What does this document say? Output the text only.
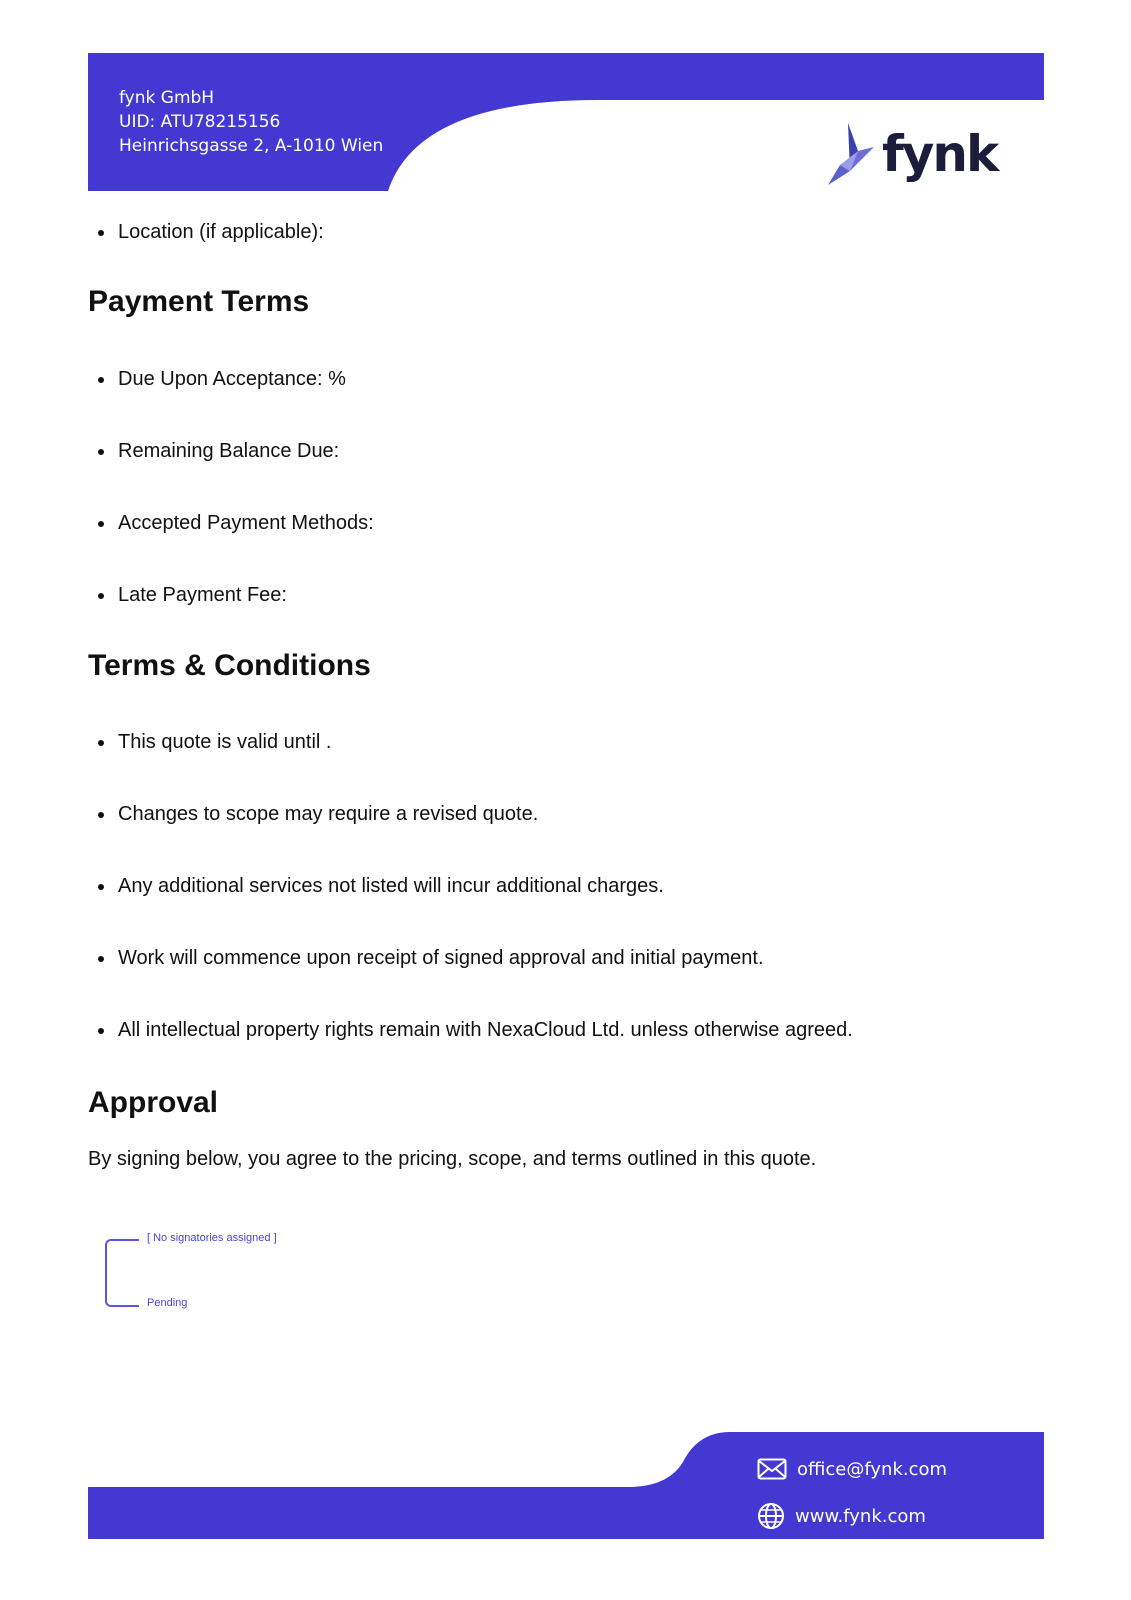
fynk GmbH
UID: ATU78215156
Heinrichsgasse 2, A-1010 Wien	fynk
Location (if applicable):
Payment Terms
Due Upon Acceptance: %
Remaining Balance Due:
Accepted Payment Methods:
Late Payment Fee:
Terms & Conditions
This quote is valid until .
Changes to scope may require a revised quote.
Any additional services not listed will incur additional charges.
Work will commence upon receipt of signed approval and initial payment.
All intellectual property rights remain with NexaCloud Ltd. unless otherwise agreed.
Approval
By signing below, you agree to the pricing, scope, and terms outlined in this quote.
[ No signatories assigned ]
Pending
office@fynk.com
www.fynk.com
